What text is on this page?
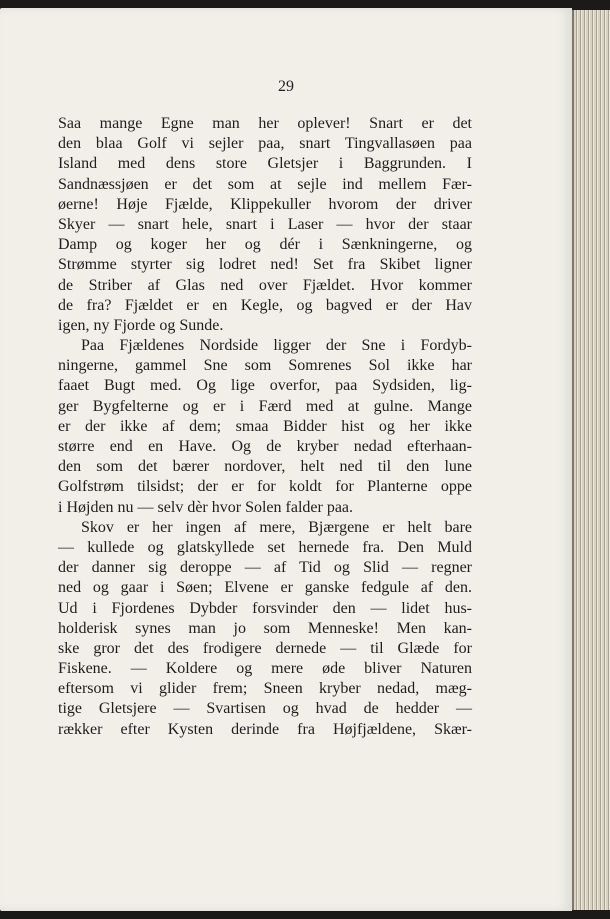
29
Saa mange Egne man her oplever! Snart er det
den blaa Golf vi sejler paa, snart Tingvallasøen paa
Island med dens store Gletsjer i Baggrunden. I
Sandnæssjøen er det som at sejle ind mellem Fær-
øerne! Høje Fjælde, Klippekuller hvorom der driver
Skyer — snart hele, snart i Laser — hvor der staar
Damp og koger her og dér i Sænkningerne, og
Strømme styrter sig lodret ned! Set fra Skibet ligner
de Striber af Glas ned over Fjældet. Hvor kommer
de fra? Fjældet er en Kegle, og bagved er der Hav
igen, ny Fjorde og Sunde.
Paa Fjældenes Nordside ligger der Sne i Fordyb-
ningerne, gammel Sne som Somrenes Sol ikke har
faaet Bugt med. Og lige overfor, paa Sydsiden, lig-
ger Bygfelterne og er i Færd med at gulne. Mange
er der ikke af dem; smaa Bidder hist og her ikke
større end en Have. Og de kryber nedad efterhaan-
den som det bærer nordover, helt ned til den lune
Golfstrøm tilsidst; der er for koldt for Planterne oppe
i Højden nu — selv dèr hvor Solen falder paa.
Skov er her ingen af mere, Bjærgene er helt bare
— kullede og glatskyllede set hernede fra. Den Muld
der danner sig deroppe — af Tid og Slid — regner
ned og gaar i Søen; Elvene er ganske fedgule af den.
Ud i Fjordenes Dybder forsvinder den — lidet hus-
holderisk synes man jo som Menneske! Men kan-
ske gror det des frodigere dernede — til Glæde for
Fiskene. — Koldere og mere øde bliver Naturen
eftersom vi glider frem; Sneen kryber nedad, mæg-
tige Gletsjere — Svartisen og hvad de hedder —
rækker efter Kysten derinde fra Højfjældene, Skær-
